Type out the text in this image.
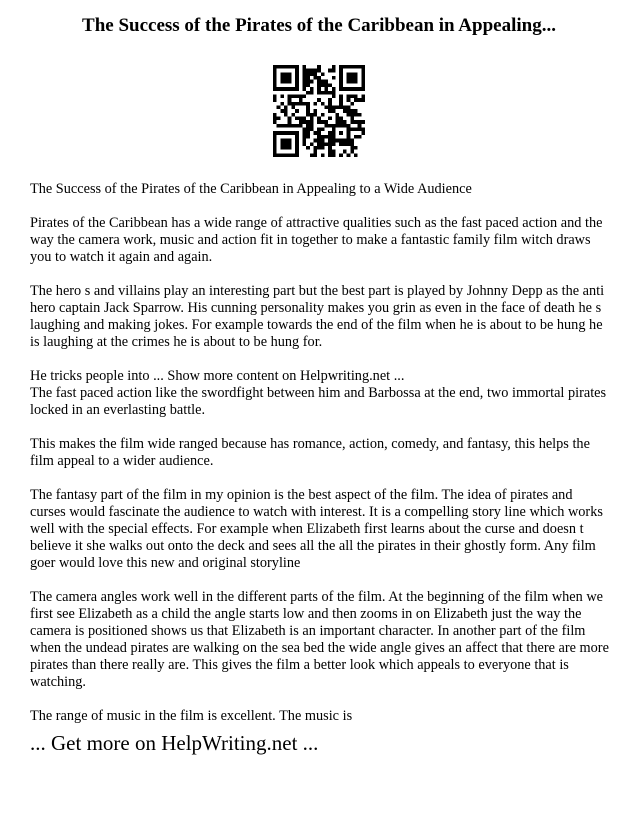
The Success of the Pirates of the Caribbean in Appealing...

The Success of the Pirates of the Caribbean in Appealing to a Wide Audience

Pirates of the Caribbean has a wide range of attractive qualities such as the fast paced action and the way the camera work, music and action fit in together to make a fantastic family film witch draws you to watch it again and again.

The hero s and villains play an interesting part but the best part is played by Johnny Depp as the anti hero captain Jack Sparrow. His cunning personality makes you grin as even in the face of death he s laughing and making jokes. For example towards the end of the film when he is about to be hung he is laughing at the crimes he is about to be hung for.

He tricks people into ... Show more content on Helpwriting.net ...

The fast paced action like the swordfight between him and Barbossa at the end, two immortal pirates locked in an everlasting battle.

This makes the film wide ranged because has romance, action, comedy, and fantasy, this helps the film appeal to a wider audience.

The fantasy part of the film in my opinion is the best aspect of the film. The idea of pirates and curses would fascinate the audience to watch with interest. It is a compelling story line which works well with the special effects. For example when Elizabeth first learns about the curse and doesn t believe it she walks out onto the deck and sees all the all the pirates in their ghostly form. Any film goer would love this new and original storyline

The camera angles work well in the different parts of the film. At the beginning of the film when we first see Elizabeth as a child the angle starts low and then zooms in on Elizabeth just the way the camera is positioned shows us that Elizabeth is an important character. In another part of the film when the undead pirates are walking on the sea bed the wide angle gives an affect that there are more pirates than there really are. This gives the film a better look which appeals to everyone that is watching.

The range of music in the film is excellent. The music is

... Get more on HelpWriting.net ...
